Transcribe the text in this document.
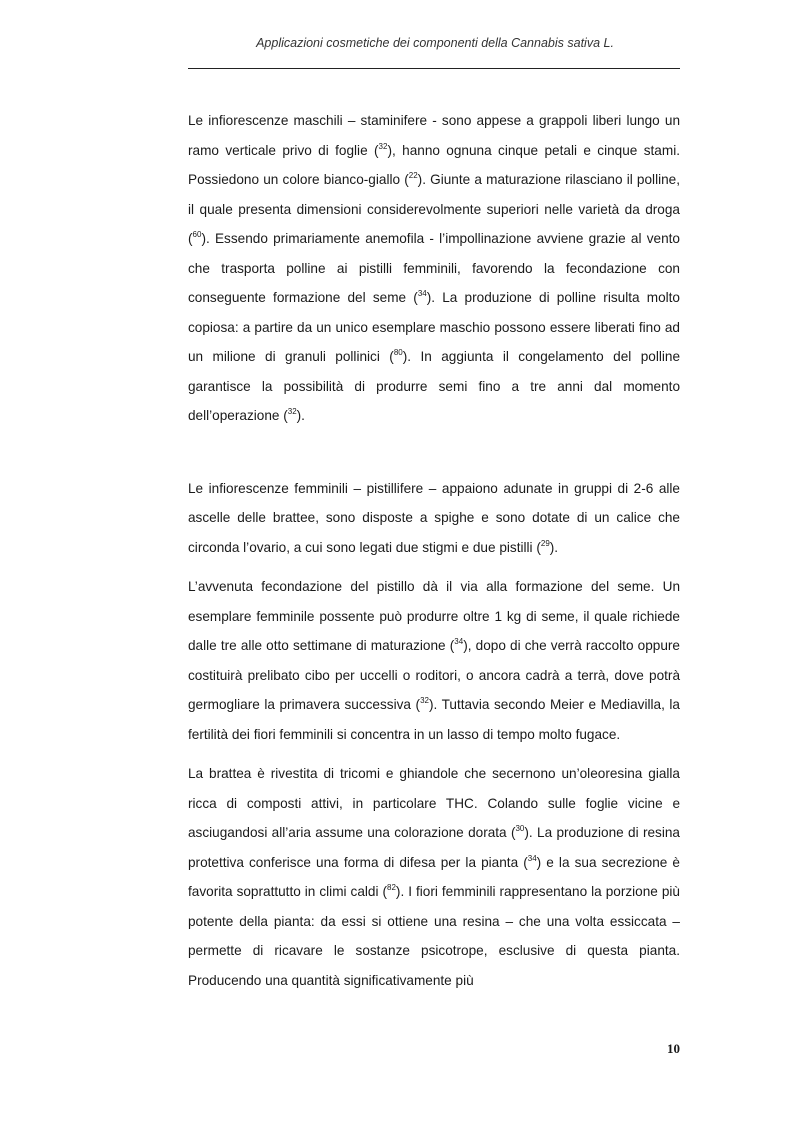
Applicazioni cosmetiche dei componenti della Cannabis sativa L.

Le infiorescenze maschili – staminifere - sono appese a grappoli liberi lungo un ramo verticale privo di foglie ($^{32}$), hanno ognuna cinque petali e cinque stami. Possiedono un colore bianco-giallo ($^{22}$). Giunte a maturazione rilasciano il polline, il quale presenta dimensioni considerevolmente superiori nelle varietà da droga ($^{60}$). Essendo primariamente anemofila - l’impollinazione avviene grazie al vento che trasporta polline ai pistilli femminili, favorendo la fecondazione con conseguente formazione del seme ($^{34}$). La produzione di polline risulta molto copiosa: a partire da un unico esemplare maschio possono essere liberati fino ad un milione di granuli pollinici ($^{80}$). In aggiunta il congelamento del polline garantisce la possibilità di produrre semi fino a tre anni dal momento dell’operazione ($^{32}$).

Le infiorescenze femminili – pistillifere – appaiono adunate in gruppi di 2-6 alle ascelle delle brattee, sono disposte a spighe e sono dotate di un calice che circonda l’ovario, a cui sono legati due stigmi e due pistilli ($^{29}$).

L’avvenuta fecondazione del pistillo dà il via alla formazione del seme. Un esemplare femminile possente può produrre oltre 1 kg di seme, il quale richiede dalle tre alle otto settimane di maturazione ($^{34}$), dopo di che verrà raccolto oppure costituirà prelibato cibo per uccelli o roditori, o ancora cadrà a terrà, dove potrà germogliare la primavera successiva ($^{32}$). Tuttavia secondo Meier e Mediavilla, la fertilità dei fiori femminili si concentra in un lasso di tempo molto fugace.

La brattea è rivestita di tricomi e ghiandole che secernono un’oleoresina gialla ricca di composti attivi, in particolare THC. Colando sulle foglie vicine e asciugandosi all’aria assume una colorazione dorata ($^{30}$). La produzione di resina protettiva conferisce una forma di difesa per la pianta ($^{34}$) e la sua secrezione è favorita soprattutto in climi caldi ($^{82}$). I fiori femminili rappresentano la porzione più potente della pianta: da essi si ottiene una resina – che una volta essiccata – permette di ricavare le sostanze psicotrope, esclusive di questa pianta. Producendo una quantità significativamente più

10
